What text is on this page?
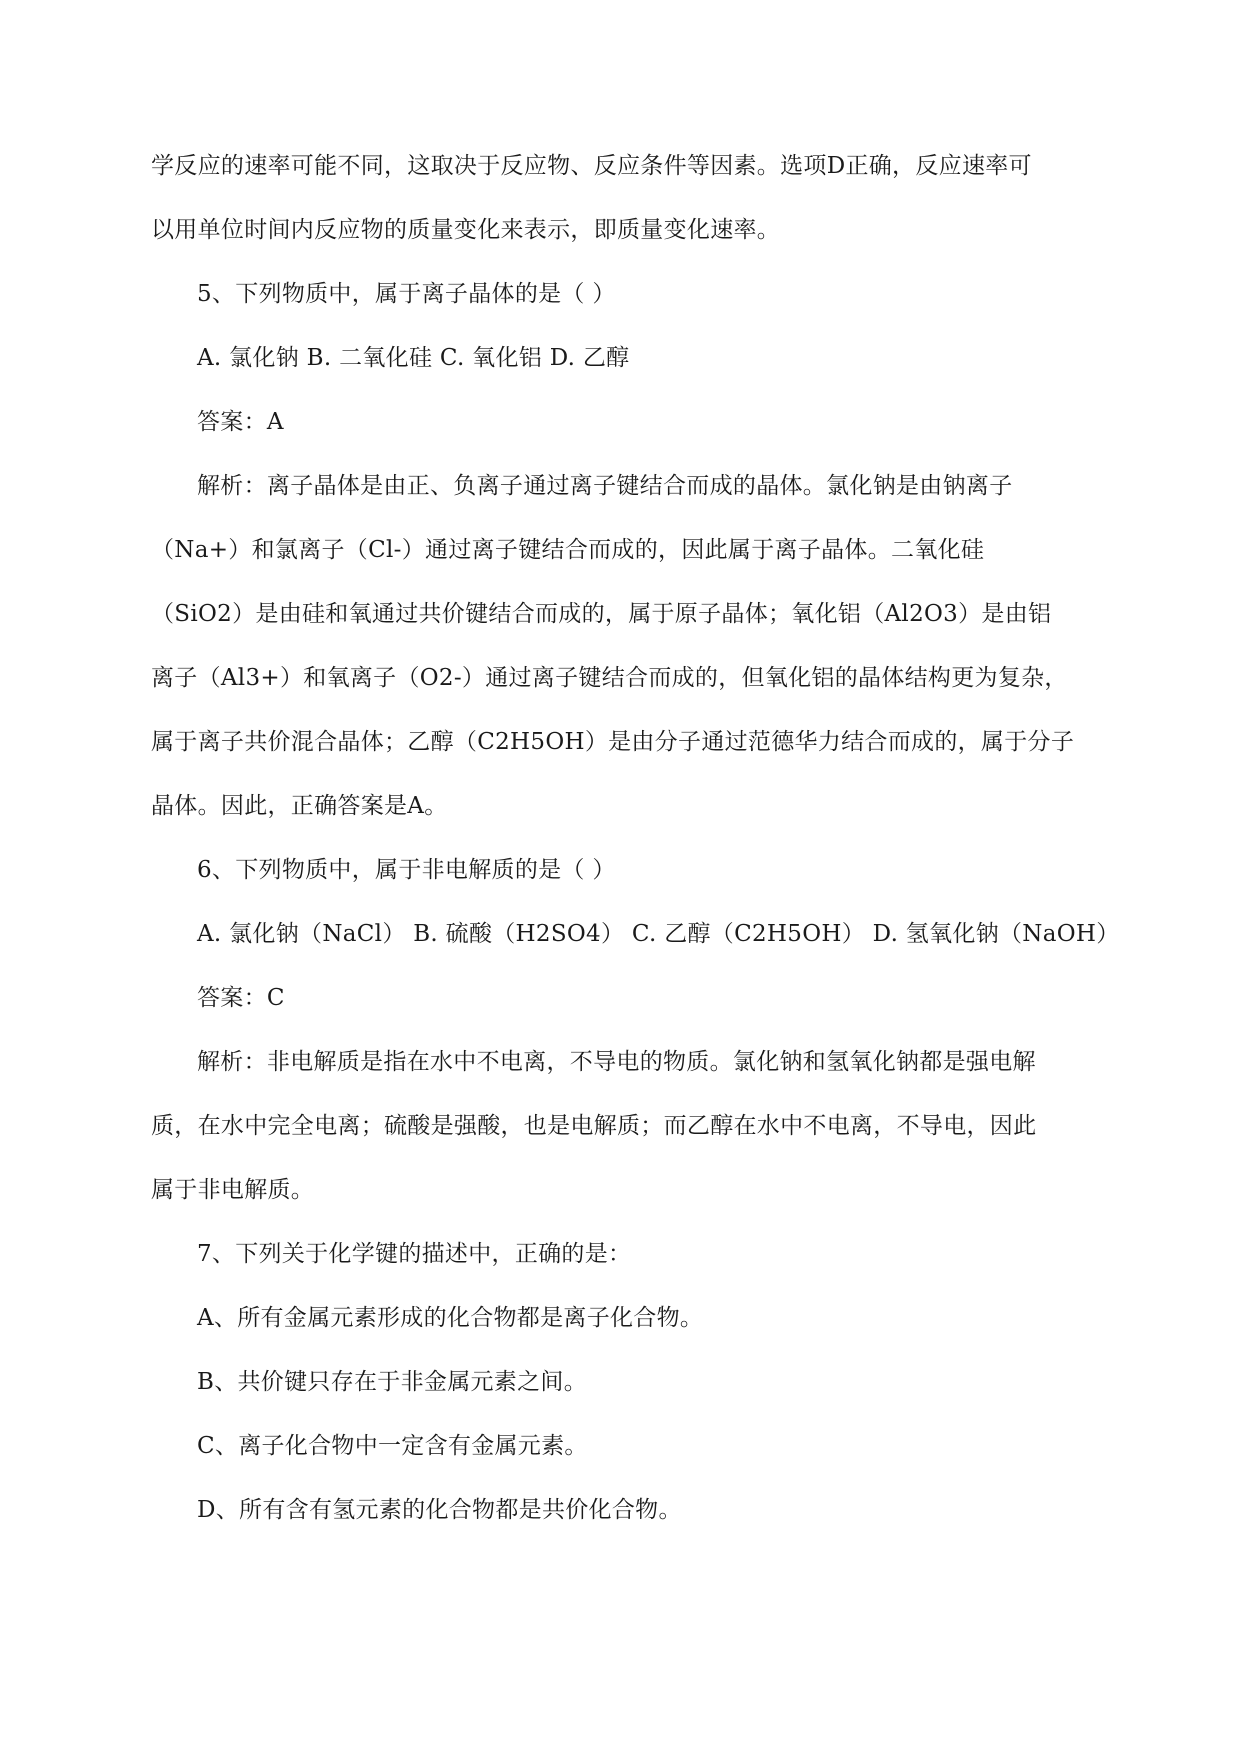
学反应的速率可能不同，这取决于反应物、反应条件等因素。选项D正确，反应速率可
以用单位时间内反应物的质量变化来表示，即质量变化速率。
5、下列物质中，属于离子晶体的是（ ）
A. 氯化钠 B. 二氧化硅 C. 氧化铝 D. 乙醇
答案：A
解析：离子晶体是由正、负离子通过离子键结合而成的晶体。氯化钠是由钠离子
（Na+）和氯离子（Cl-）通过离子键结合而成的，因此属于离子晶体。二氧化硅
（SiO2）是由硅和氧通过共价键结合而成的，属于原子晶体；氧化铝（Al2O3）是由铝
离子（Al3+）和氧离子（O2-）通过离子键结合而成的，但氧化铝的晶体结构更为复杂，
属于离子共价混合晶体；乙醇（C2H5OH）是由分子通过范德华力结合而成的，属于分子
晶体。因此，正确答案是A。
6、下列物质中，属于非电解质的是（ ）
A. 氯化钠（NaCl） B. 硫酸（H2SO4） C. 乙醇（C2H5OH） D. 氢氧化钠（NaOH）
答案：C
解析：非电解质是指在水中不电离，不导电的物质。氯化钠和氢氧化钠都是强电解
质，在水中完全电离；硫酸是强酸，也是电解质；而乙醇在水中不电离，不导电，因此
属于非电解质。
7、下列关于化学键的描述中，正确的是：
A、所有金属元素形成的化合物都是离子化合物。
B、共价键只存在于非金属元素之间。
C、离子化合物中一定含有金属元素。
D、所有含有氢元素的化合物都是共价化合物。
